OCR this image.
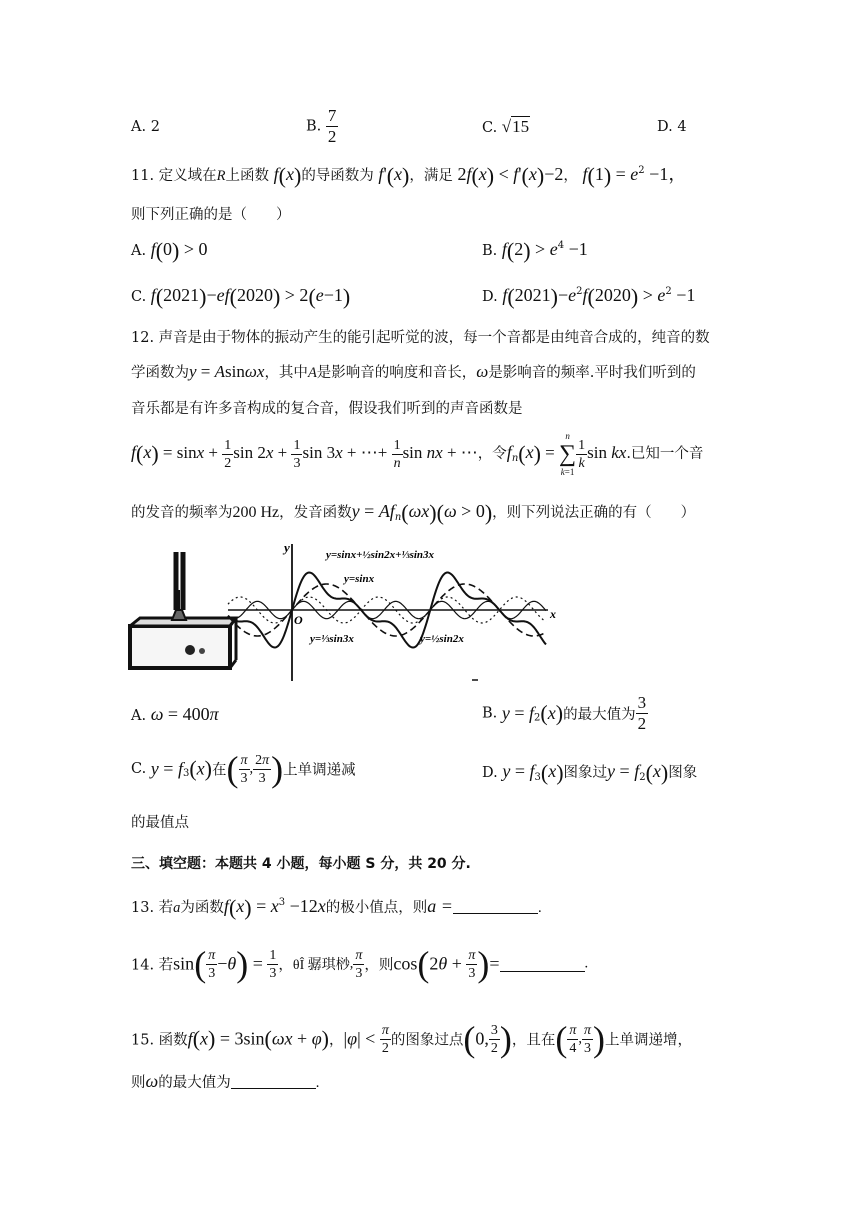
A. 2	B. $\frac{7}{2}$	C. √15	D. 4
11. 定义域在R上函数 f(x)的导函数为 f'(x)，满足 2f(x) < f'(x)−2， $f(1) = e^2 -1$，
则下列正确的是（　　）
A. f(0) > 0	B. $f(2) > e^4 -1$
C. f(2021)−ef(2020) > 2(e−1)	D. $f(2021)-e^2f(2020) > e^2 -1$
12. 声音是由于物体的振动产生的能引起听觉的波，每一个音都是由纯音合成的，纯音的数
学函数为y = Asinωx，其中A是影响音的响度和音长，ω是影响音的频率.平时我们听到的
音乐都是有许多音构成的复合音，假设我们听到的声音函数是
$f(x) = \sin x + \frac{1}{2}$ $\sin 2x + \frac{1}{3}$ sin 3x + ⋯+ $\frac{1}{n}$ sin nx + ⋯，令$f_n(x)$ =
n
∑
k=1
$\frac{1}{k}$ sin kx.已知一个音
的发音的频率为200 Hz，发音函数$y = Af_n(\omega x)(\omega > 0)$，则下列说法正确的有（　　）
y
x
O
y=sinx+½sin2x+⅓sin3x
y=sinx
y=⅓sin3x	y=½sin2x
A. ω = 400π	B. $y = f_2(x)$的最大值为 $\frac{3}{2}$
C. $y = f_3(x)$在( $\frac{\pi}{3}$ , $\frac{2\pi}{3}$ )上单调递减	D. $y = f_3(x)$图象过$y = f_2(x)$图象
的最值点
三、填空题：本题共 4 小题，每小题 S 分，共 20 分.
13. 若a为函数$f(x) = x^3 -12x$的极小值点，则a =	.
14. 若$\sin( \frac{\pi}{3} -\theta) = \frac{1}{3}$ ，θÎ 骣琪桫, $\frac{\pi}{3}$ ，则$\cos(2\theta + \frac{\pi}{3}$ )=	.
15. 函数f(x) = 3sin(ωx + φ)，$|\varphi| < \frac{\pi}{2}$ 的图象过点(0, $\frac{3}{2}$ )，且在( $\frac{\pi}{4}$ , $\frac{\pi}{3}$ )上单调递增，
则ω的最大值为	.
